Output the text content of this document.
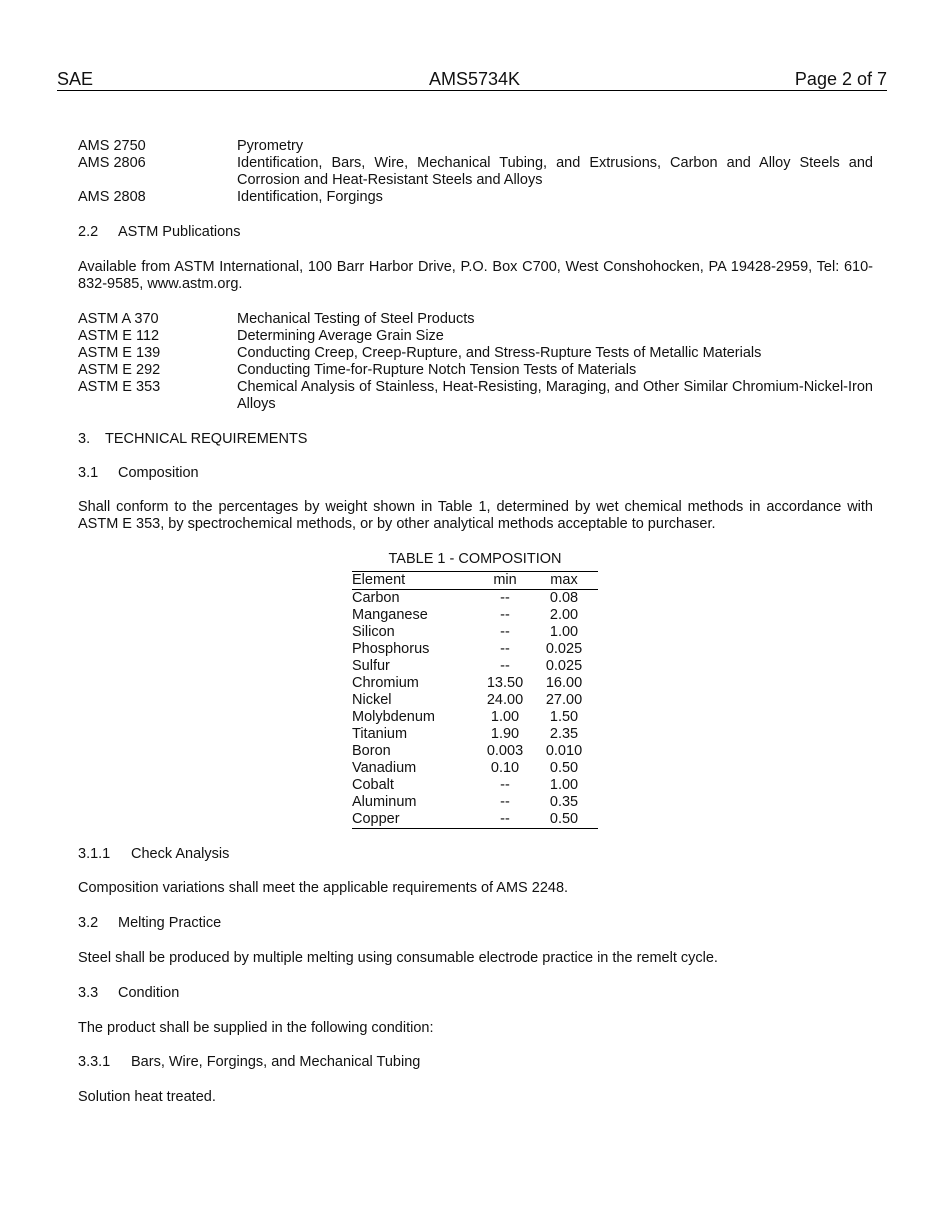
SAE	AMS5734K	Page 2 of 7
AMS 2750	Pyrometry
AMS 2806	Identification, Bars, Wire, Mechanical Tubing, and Extrusions, Carbon and Alloy Steels and Corrosion and Heat-Resistant Steels and Alloys
AMS 2808	Identification, Forgings
2.2 ASTM Publications
Available from ASTM International, 100 Barr Harbor Drive, P.O. Box C700, West Conshohocken, PA 19428-2959, Tel: 610-832-9585, www.astm.org.
ASTM A 370	Mechanical Testing of Steel Products
ASTM E 112	Determining Average Grain Size
ASTM E 139	Conducting Creep, Creep-Rupture, and Stress-Rupture Tests of Metallic Materials
ASTM E 292	Conducting Time-for-Rupture Notch Tension Tests of Materials
ASTM E 353	Chemical Analysis of Stainless, Heat-Resisting, Maraging, and Other Similar Chromium-Nickel-Iron Alloys
3. TECHNICAL REQUIREMENTS
3.1 Composition
Shall conform to the percentages by weight shown in Table 1, determined by wet chemical methods in accordance with ASTM E 353, by spectrochemical methods, or by other analytical methods acceptable to purchaser.
TABLE 1 - COMPOSITION
Element	min	max
Carbon	--	0.08
Manganese	--	2.00
Silicon	--	1.00
Phosphorus	--	0.025
Sulfur	--	0.025
Chromium	13.50	16.00
Nickel	24.00	27.00
Molybdenum	1.00	1.50
Titanium	1.90	2.35
Boron	0.003	0.010
Vanadium	0.10	0.50
Cobalt	--	1.00
Aluminum	--	0.35
Copper	--	0.50
3.1.1 Check Analysis
Composition variations shall meet the applicable requirements of AMS 2248.
3.2 Melting Practice
Steel shall be produced by multiple melting using consumable electrode practice in the remelt cycle.
3.3 Condition
The product shall be supplied in the following condition:
3.3.1 Bars, Wire, Forgings, and Mechanical Tubing
Solution heat treated.
